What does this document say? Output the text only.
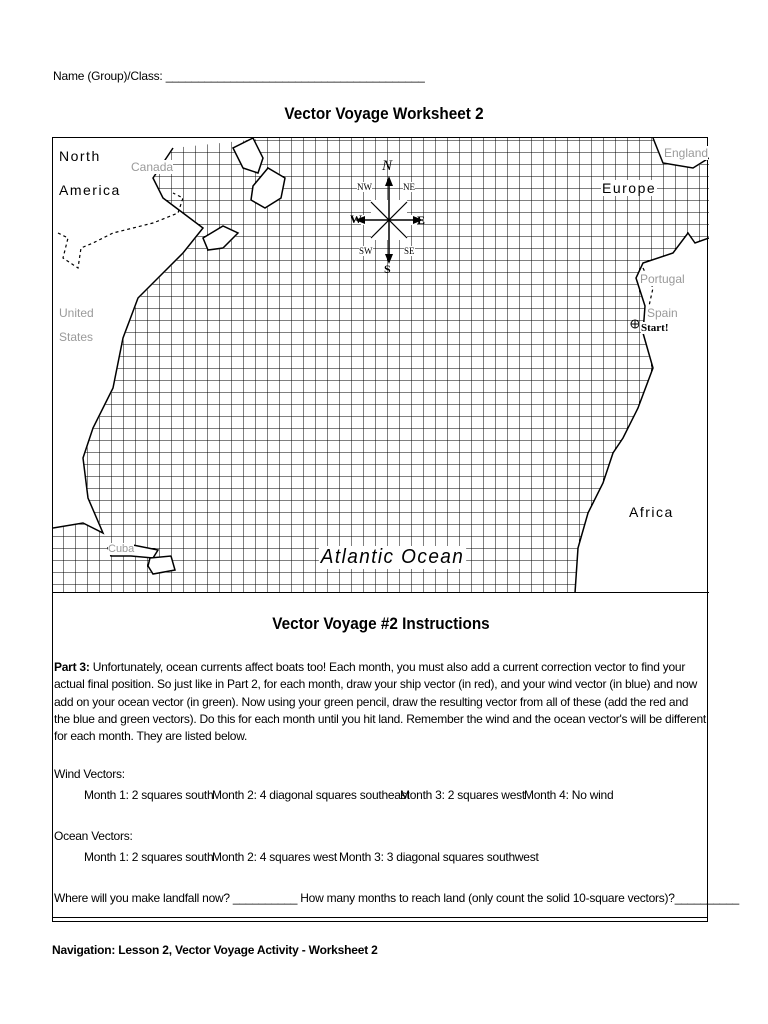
Name (Group)/Class: ________________________________________
Vector Voyage Worksheet 2
North
America
Canada
United
States
Cuba
Europe
England
Portugal
Spain
Start!
Africa
Atlantic Ocean
N
S
E
W
NE
NW
SE
SW
Vector Voyage #2 Instructions
Part 3: Unfortunately, ocean currents affect boats too! Each month, you must also add a current correction vector to find your actual final position. So just like in Part 2, for each month, draw your ship vector (in red), and your wind vector (in blue) and now add on your ocean vector (in green). Now using your green pencil, draw the resulting vector from all of these (add the red and the blue and green vectors). Do this for each month until you hit land. Remember the wind and the ocean vector's will be different for each month. They are listed below.
Wind Vectors:
Month 1: 2 squares south
Month 2: 4 diagonal squares southeast
Month 3: 2 squares west Month 4: No wind
Ocean Vectors:
Month 1: 2 squares south
Month 2: 4 squares west Month 3: 3 diagonal squares southwest
Where will you make landfall now? __________ How many months to reach land (only count the solid 10-square vectors)?__________
Navigation: Lesson 2, Vector Voyage Activity - Worksheet 2
